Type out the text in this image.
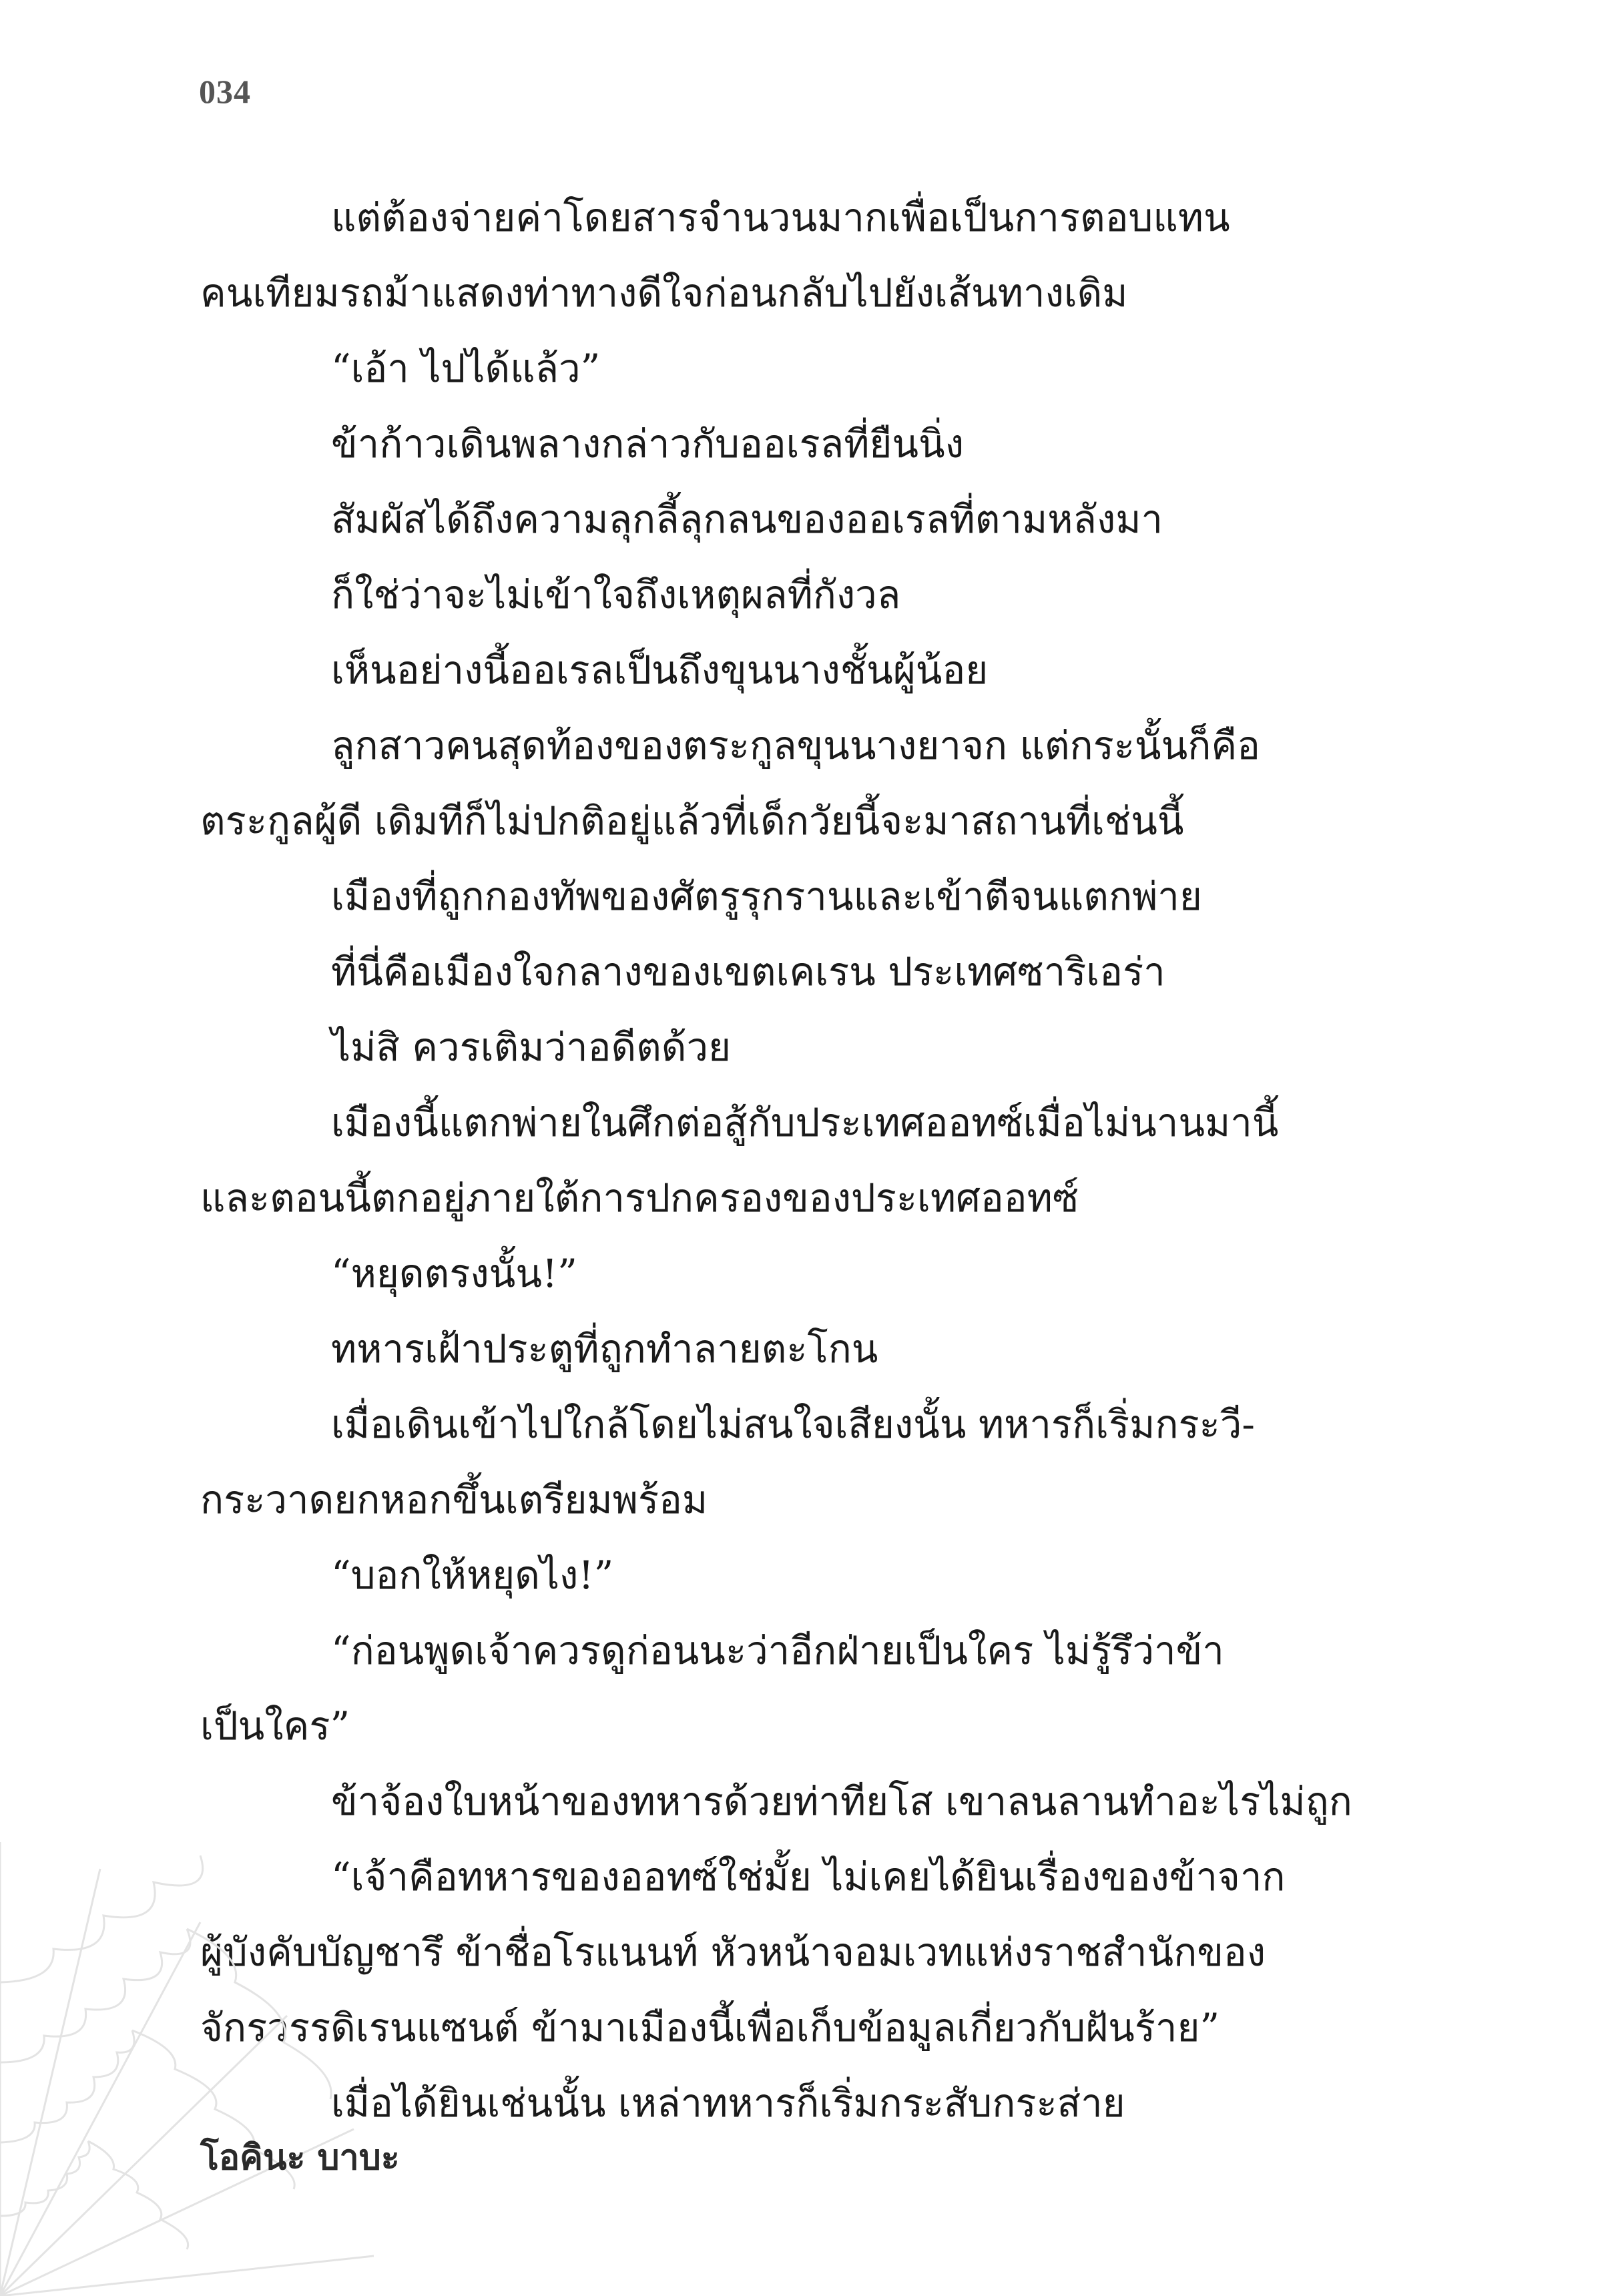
034
แต่ต้องจ่ายค่าโดยสารจำนวนมากเพื่อเป็นการตอบแทน
คนเทียมรถม้าแสดงท่าทางดีใจก่อนกลับไปยังเส้นทางเดิม
“เอ้า ไปได้แล้ว”
ข้าก้าวเดินพลางกล่าวกับออเรลที่ยืนนิ่ง
สัมผัสได้ถึงความลุกลี้ลุกลนของออเรลที่ตามหลังมา
ก็ใช่ว่าจะไม่เข้าใจถึงเหตุผลที่กังวล
เห็นอย่างนี้ออเรลเป็นถึงขุนนางชั้นผู้น้อย
ลูกสาวคนสุดท้องของตระกูลขุนนางยาจก แต่กระนั้นก็คือ
ตระกูลผู้ดี เดิมทีก็ไม่ปกติอยู่แล้วที่เด็กวัยนี้จะมาสถานที่เช่นนี้
เมืองที่ถูกกองทัพของศัตรูรุกรานและเข้าตีจนแตกพ่าย
ที่นี่คือเมืองใจกลางของเขตเคเรน ประเทศซาริเอร่า
ไม่สิ ควรเติมว่าอดีตด้วย
เมืองนี้แตกพ่ายในศึกต่อสู้กับประเทศออทซ์เมื่อไม่นานมานี้
และตอนนี้ตกอยู่ภายใต้การปกครองของประเทศออทซ์
“หยุดตรงนั้น!”
ทหารเฝ้าประตูที่ถูกทำลายตะโกน
เมื่อเดินเข้าไปใกล้โดยไม่สนใจเสียงนั้น ทหารก็เริ่มกระวี-
กระวาดยกหอกขึ้นเตรียมพร้อม
“บอกให้หยุดไง!”
“ก่อนพูดเจ้าควรดูก่อนนะว่าอีกฝ่ายเป็นใคร ไม่รู้รึว่าข้า
เป็นใคร”
ข้าจ้องใบหน้าของทหารด้วยท่าทียโส เขาลนลานทำอะไรไม่ถูก
“เจ้าคือทหารของออทซ์ใช่มั้ย ไม่เคยได้ยินเรื่องของข้าจาก
ผู้บังคับบัญชารึ ข้าชื่อโรแนนท์ หัวหน้าจอมเวทแห่งราชสำนักของ
จักรวรรดิเรนแซนต์ ข้ามาเมืองนี้เพื่อเก็บข้อมูลเกี่ยวกับฝันร้าย”
เมื่อได้ยินเช่นนั้น เหล่าทหารก็เริ่มกระสับกระส่าย
โอคินะ บาบะ
